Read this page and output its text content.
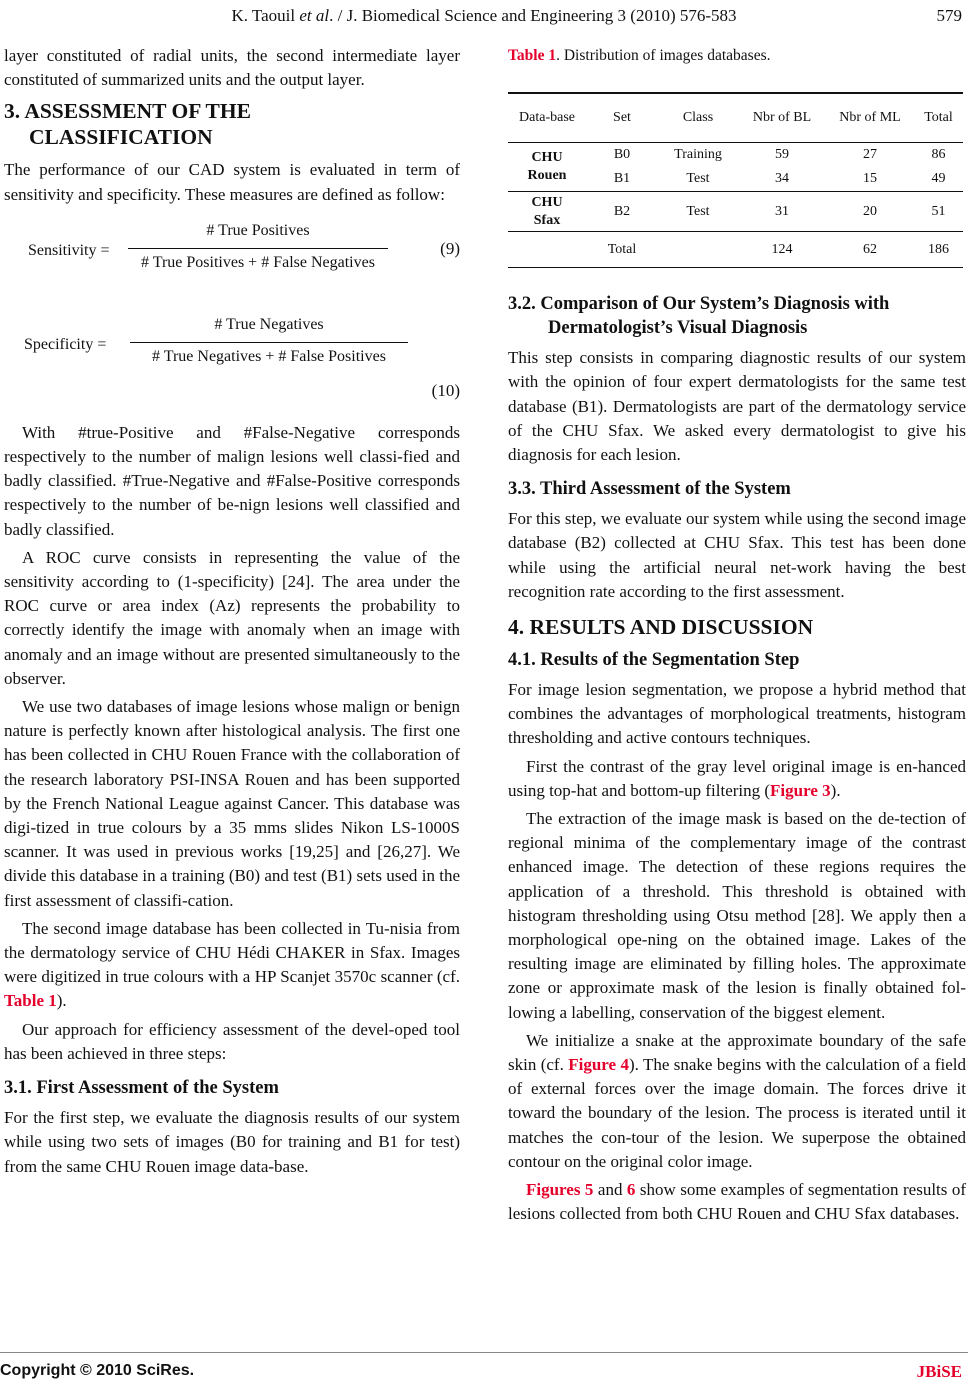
K. Taouil et al. / J. Biomedical Science and Engineering 3 (2010) 576-583	579

layer constituted of radial units, the second intermediate layer constituted of summarized units and the output layer.

3. ASSESSMENT OF THE
CLASSIFICATION

The performance of our CAD system is evaluated in term of sensitivity and specificity. These measures are defined as follow:

Sensitivity =
# True Positives
# True Positives + # False Negatives
(9)
Specificity =
# True Negatives
# True Negatives + # False Positives
(10)

With #true-Positive and #False-Negative corresponds respectively to the number of malign lesions well classi-fied and badly classified. #True-Negative and #False-Positive corresponds respectively to the number of be-nign lesions well classified and badly classified.

A ROC curve consists in representing the value of the sensitivity according to (1-specificity) [24]. The area under the ROC curve or area index (Az) represents the probability to correctly identify the image with anomaly when an image with anomaly and an image without are presented simultaneously to the observer.

We use two databases of image lesions whose malign or benign nature is perfectly known after histological analysis. The first one has been collected in CHU Rouen France with the collaboration of the research laboratory PSI-INSA Rouen and has been supported by the French National League against Cancer. This database was digi-tized in true colours by a 35 mms slides Nikon LS-1000S scanner. It was used in previous works [19,25] and [26,27]. We divide this database in a training (B0) and test (B1) sets used in the first assessment of classifi-cation.

The second image database has been collected in Tu-nisia from the dermatology service of CHU Hédi CHAKER in Sfax. Images were digitized in true colours with a HP Scanjet 3570c scanner (cf. Table 1).

Our approach for efficiency assessment of the devel-oped tool has been achieved in three steps:

3.1. First Assessment of the System

For the first step, we evaluate the diagnosis results of our system while using two sets of images (B0 for training and B1 for test) from the same CHU Rouen image data-base.

Table 1. Distribution of images databases.

Data-base	Set	Class	Nbr of BL	Nbr of ML	Total
CHU Rouen	B0	Training	59	27	86
	B1	Test	34	15	49
CHU Sfax	B2	Test	31	20	51
	Total		124	62	186
3.2. Comparison of Our System’s Diagnosis with
Dermatologist’s Visual Diagnosis

This step consists in comparing diagnostic results of our system with the opinion of four expert dermatologists for the same test database (B1). Dermatologists are part of the dermatology service of the CHU Sfax. We asked every dermatologist to give his diagnosis for each lesion.

3.3. Third Assessment of the System

For this step, we evaluate our system while using the second image database (B2) collected at CHU Sfax. This test has been done while using the artificial neural net-work having the best recognition rate according to the first assessment.

4. RESULTS AND DISCUSSION
4.1. Results of the Segmentation Step

For image lesion segmentation, we propose a hybrid method that combines the advantages of morphological treatments, histogram thresholding and active contours techniques.

First the contrast of the gray level original image is en-hanced using top-hat and bottom-up filtering (Figure 3).

The extraction of the image mask is based on the de-tection of regional minima of the complementary image of the contrast enhanced image. The detection of these regions requires the application of a threshold. This threshold is obtained with histogram thresholding using Otsu method [28]. We apply then a morphological ope-ning on the obtained image. Lakes of the resulting image are eliminated by filling holes. The approximate zone or approximate mask of the lesion is finally obtained fol-lowing a labelling, conservation of the biggest element.

We initialize a snake at the approximate boundary of the safe skin (cf. Figure 4). The snake begins with the calculation of a field of external forces over the image domain. The forces drive it toward the boundary of the lesion. The process is iterated until it matches the con-tour of the lesion. We superpose the obtained contour on the original color image.

Figures 5 and 6 show some examples of segmentation results of lesions collected from both CHU Rouen and CHU Sfax databases.

Copyright © 2010 SciRes.	JBiSE
